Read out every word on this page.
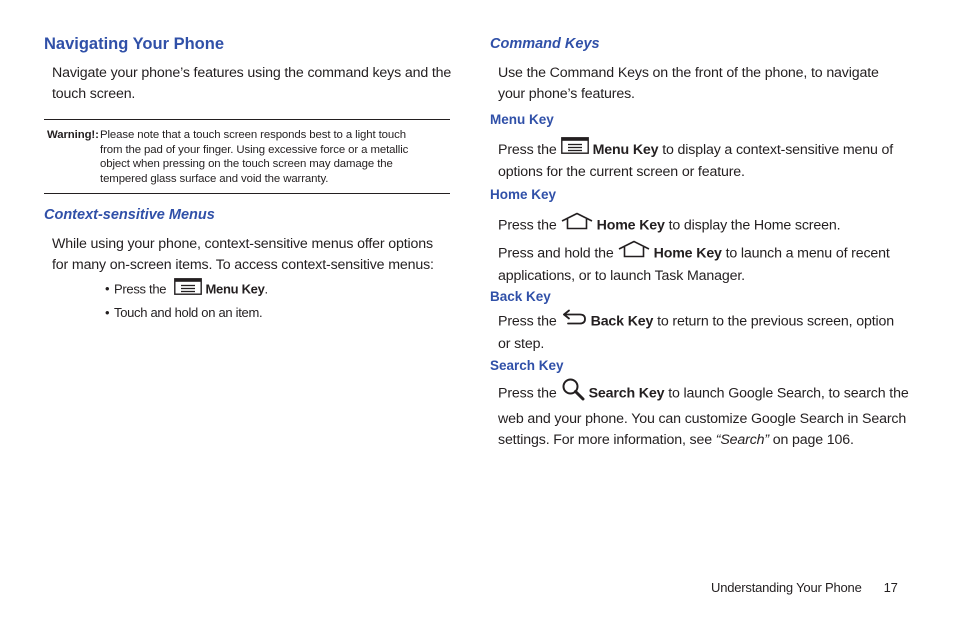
Navigating Your Phone

Navigate your phone’s features using the command keys and the
touch screen.

Warning!: Please note that a touch screen responds best to a light touch
from the pad of your finger. Using excessive force or a metallic
object when pressing on the touch screen may damage the
tempered glass surface and void the warranty.
Context-sensitive Menus

While using your phone, context-sensitive menus offer options
for many on-screen items. To access context-sensitive menus:

• Press the	Menu Key.
• Touch and hold on an item.
Command Keys

Use the Command Keys on the front of the phone, to navigate
your phone’s features.

Menu Key

Press the	Menu Key to display a context-sensitive menu of
options for the current screen or feature.

Home Key

Press the	Home Key to display the Home screen.

Press and hold the	Home Key to launch a menu of recent
applications, or to launch Task Manager.

Back Key

Press the Back Key to return to the previous screen, option
or step.

Search Key

Press the Search Key to launch Google Search, to search the
web and your phone. You can customize Google Search in Search
settings. For more information, see “Search” on page 106.

Understanding Your Phone 17
